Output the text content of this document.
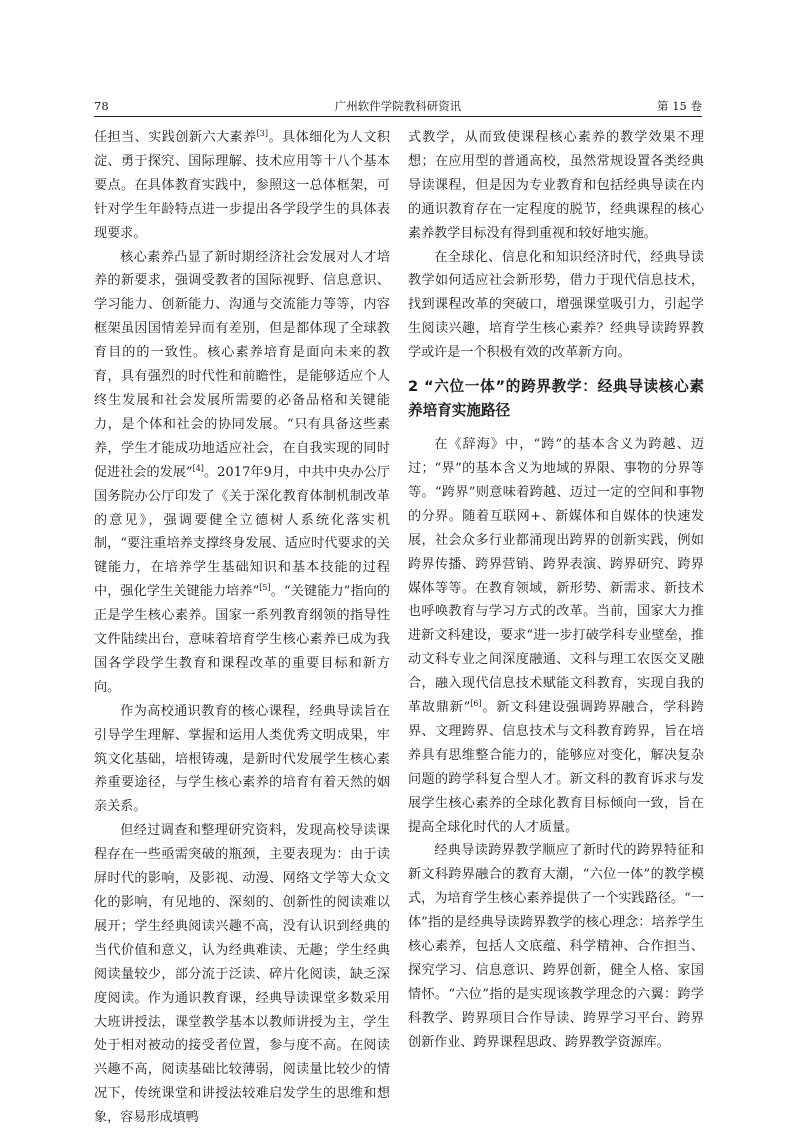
78	广州软件学院教科研资讯	第 15 卷

任担当、实践创新六大素养[3]。具体细化为人文积淀、勇于探究、国际理解、技术应用等十八个基本要点。在具体教育实践中，参照这一总体框架，可针对学生年龄特点进一步提出各学段学生的具体表现要求。

核心素养凸显了新时期经济社会发展对人才培养的新要求，强调受教者的国际视野、信息意识、学习能力、创新能力、沟通与交流能力等等，内容框架虽因国情差异而有差别，但是都体现了全球教育目的的一致性。核心素养培育是面向未来的教育，具有强烈的时代性和前瞻性，是能够适应个人终生发展和社会发展所需要的必备品格和关键能力，是个体和社会的协同发展。“只有具备这些素养，学生才能成功地适应社会，在自我实现的同时促进社会的发展”[4]。2017年9月，中共中央办公厅国务院办公厅印发了《关于深化教育体制机制改革的意见》，强调要健全立德树人系统化落实机制，“要注重培养支撑终身发展、适应时代要求的关键能力，在培养学生基础知识和基本技能的过程中，强化学生关键能力培养”[5]。“关键能力”指向的正是学生核心素养。国家一系列教育纲领的指导性文件陆续出台，意味着培育学生核心素养已成为我国各学段学生教育和课程改革的重要目标和新方向。

作为高校通识教育的核心课程，经典导读旨在引导学生理解、掌握和运用人类优秀文明成果，牢筑文化基础，培根铸魂，是新时代发展学生核心素养重要途径，与学生核心素养的培育有着天然的姻亲关系。

但经过调查和整理研究资料，发现高校导读课程存在一些亟需突破的瓶颈，主要表现为：由于读屏时代的影响，及影视、动漫、网络文学等大众文化的影响，有见地的、深刻的、创新性的阅读难以展开；学生经典阅读兴趣不高，没有认识到经典的当代价值和意义，认为经典难读、无趣；学生经典阅读量较少，部分流于泛读、碎片化阅读，缺乏深度阅读。作为通识教育课，经典导读课堂多数采用大班讲授法，课堂教学基本以教师讲授为主，学生处于相对被动的接受者位置，参与度不高。在阅读兴趣不高，阅读基础比较薄弱，阅读量比较少的情况下，传统课堂和讲授法较难启发学生的思维和想象，容易形成填鸭

式教学，从而致使课程核心素养的教学效果不理想；在应用型的普通高校，虽然常规设置各类经典导读课程，但是因为专业教育和包括经典导读在内的通识教育存在一定程度的脱节，经典课程的核心素养教学目标没有得到重视和较好地实施。

在全球化、信息化和知识经济时代，经典导读教学如何适应社会新形势，借力于现代信息技术，找到课程改革的突破口，增强课堂吸引力，引起学生阅读兴趣，培育学生核心素养？经典导读跨界教学或许是一个积极有效的改革新方向。

2 “六位一体”的跨界教学：经典导读核心素养培育实施路径

在《辞海》中，“跨”的基本含义为跨越、迈过；“界”的基本含义为地域的界限、事物的分界等等。“跨界”则意味着跨越、迈过一定的空间和事物的分界。随着互联网+、新媒体和自媒体的快速发展，社会众多行业都涌现出跨界的创新实践，例如跨界传播、跨界营销、跨界表演、跨界研究、跨界媒体等等。在教育领域，新形势、新需求、新技术也呼唤教育与学习方式的改革。当前，国家大力推进新文科建设，要求“进一步打破学科专业壁垒，推动文科专业之间深度融通、文科与理工农医交叉融合，融入现代信息技术赋能文科教育，实现自我的革故鼎新”[6]。新文科建设强调跨界融合，学科跨界、文理跨界、信息技术与文科教育跨界，旨在培养具有思维整合能力的，能够应对变化，解决复杂问题的跨学科复合型人才。新文科的教育诉求与发展学生核心素养的全球化教育目标倾向一致，旨在提高全球化时代的人才质量。

经典导读跨界教学顺应了新时代的跨界特征和新文科跨界融合的教育大潮，“六位一体”的教学模式，为培育学生核心素养提供了一个实践路径。“一体”指的是经典导读跨界教学的核心理念：培养学生核心素养，包括人文底蕴、科学精神、合作担当、探究学习、信息意识、跨界创新，健全人格、家国情怀。“六位”指的是实现该教学理念的六翼：跨学科教学、跨界项目合作导读、跨界学习平台、跨界创新作业、跨界课程思政、跨界教学资源库。
